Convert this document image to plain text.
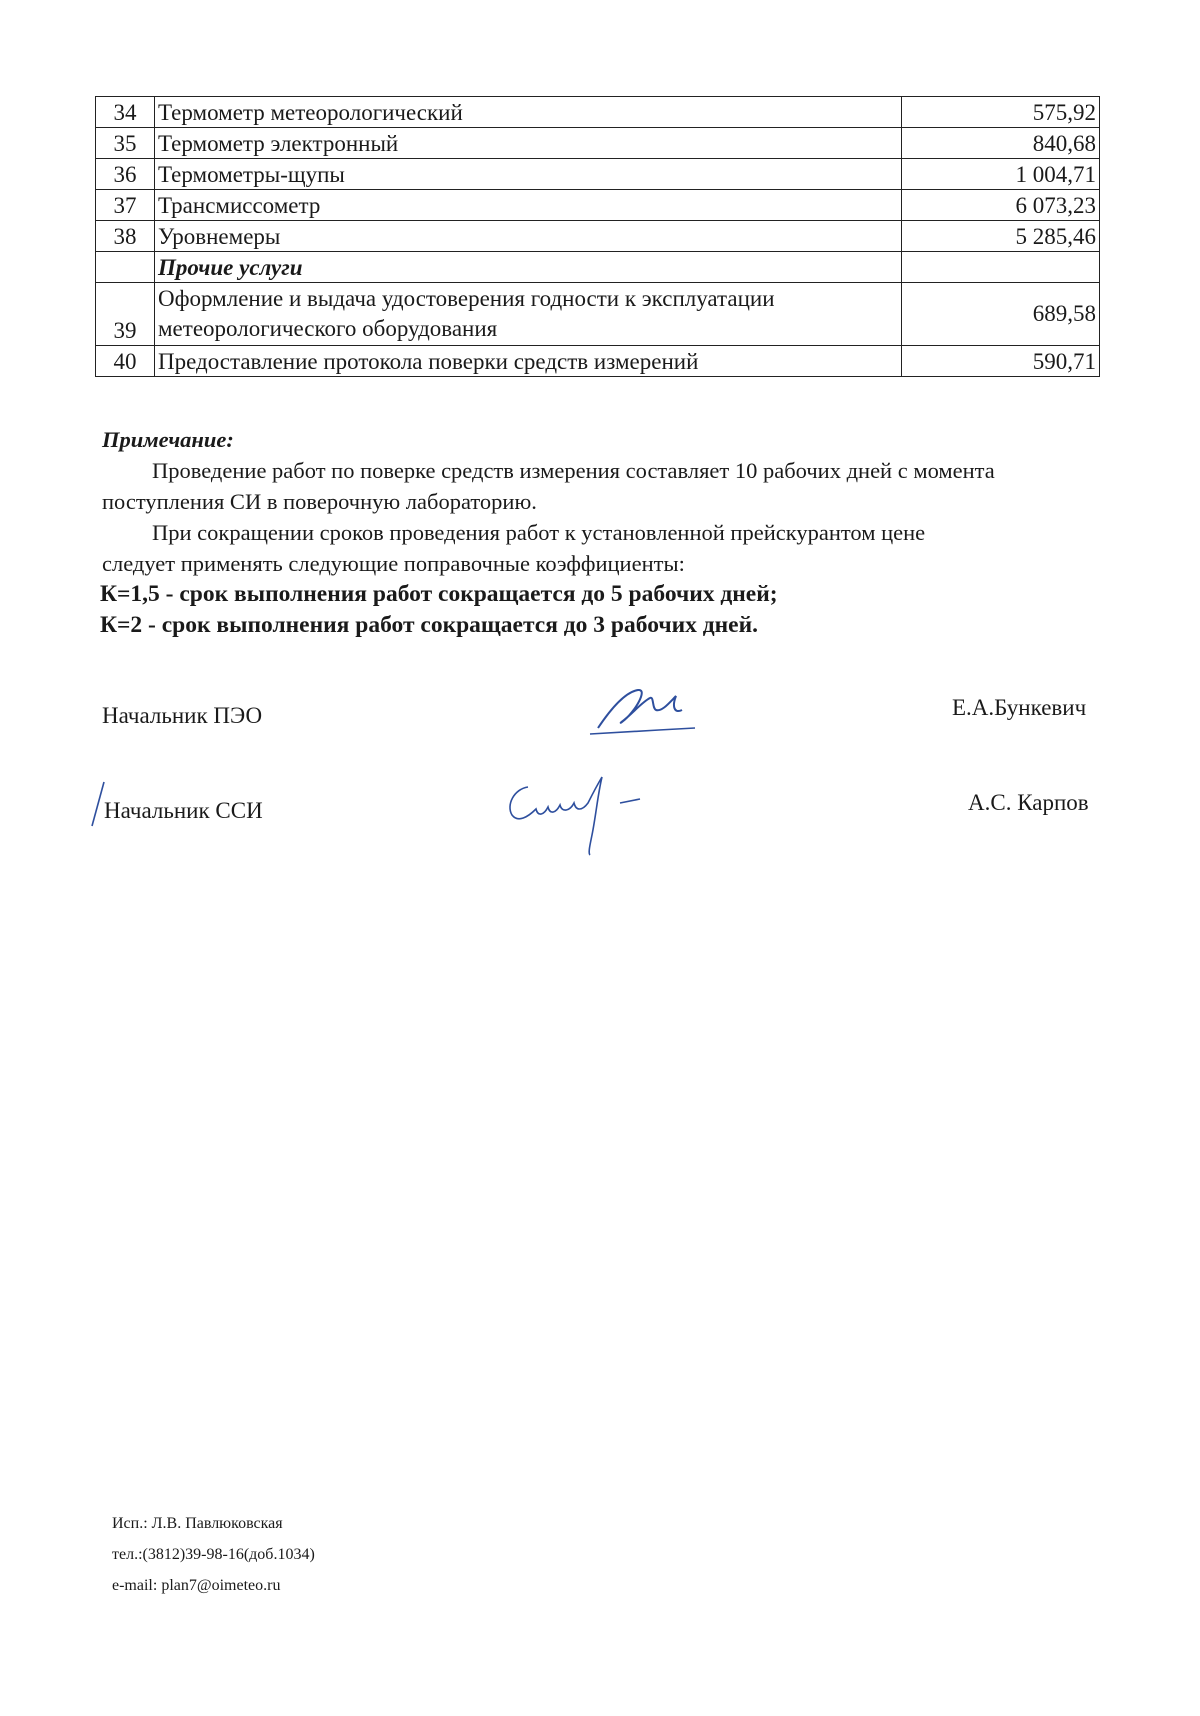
34	Термометр метеорологический	575,92
35	Термометр электронный	840,68
36	Термометры-щупы	1 004,71
37	Трансмиссометр	6 073,23
38	Уровнемеры	5 285,46
	Прочие услуги	
39	Оформление и выдача удостоверения годности к эксплуатации
метеорологического оборудования	689,58
40	Предоставление протокола поверки средств измерений	590,71
Примечание:
Проведение работ по поверке средств измерения составляет 10 рабочих дней с момента
поступления СИ в поверочную лабораторию.
При сокращении сроков проведения работ к установленной прейскурантом цене
следует применять следующие поправочные коэффициенты:
К=1,5 - срок выполнения работ сокращается до 5 рабочих дней;
К=2 - срок выполнения работ сокращается до 3 рабочих дней.
Начальник ПЭО	Е.А.Бункевич
Начальник ССИ	А.С. Карпов
Исп.: Л.В. Павлюковская
тел.:(3812)39-98-16(доб.1034)
e-mail: plan7@oimeteo.ru
